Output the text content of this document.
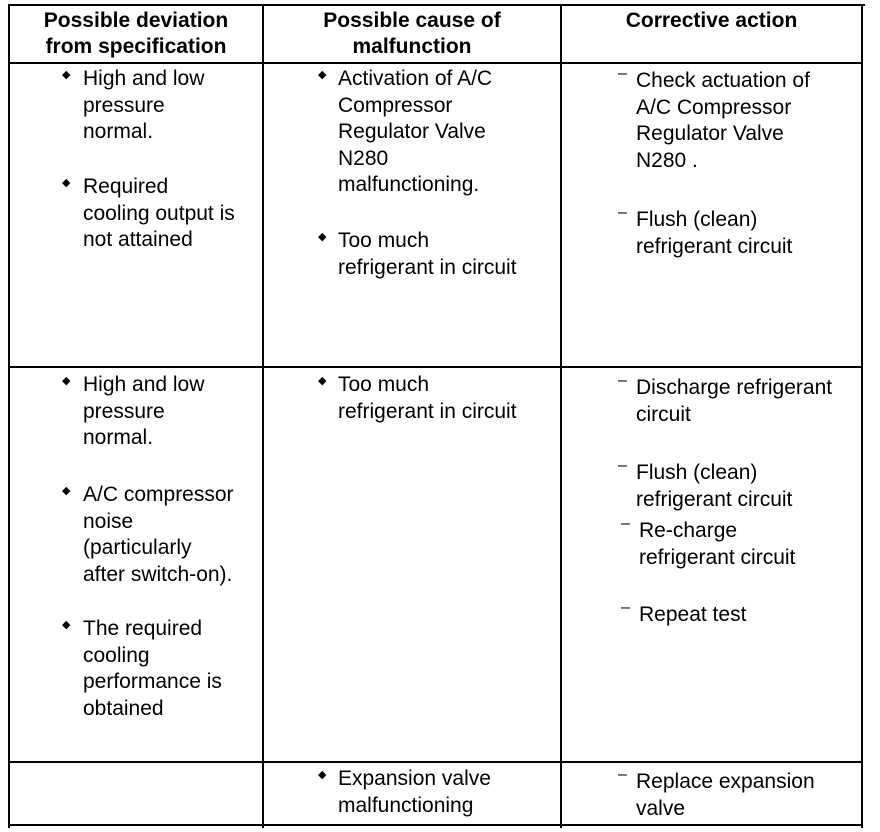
Possible deviation
from specification
Possible cause of
malfunction
Corrective action
◆ High and low
pressure
normal.
◆ Required
cooling output is
not attained
◆ Activation of A/C
Compressor
Regulator Valve
N280
malfunctioning.
◆ Too much
refrigerant in circuit
– Check actuation of
A/C Compressor
Regulator Valve
N280 .
– Flush (clean)
refrigerant circuit
◆ High and low
pressure
normal.
◆ A/C compressor
noise
(particularly
after switch-on).
◆ The required
cooling
performance is
obtained
◆ Too much
refrigerant in circuit
– Discharge refrigerant
circuit
– Flush (clean)
refrigerant circuit
– Re-charge
refrigerant circuit
– Repeat test
◆ Expansion valve
malfunctioning
– Replace expansion
valve
